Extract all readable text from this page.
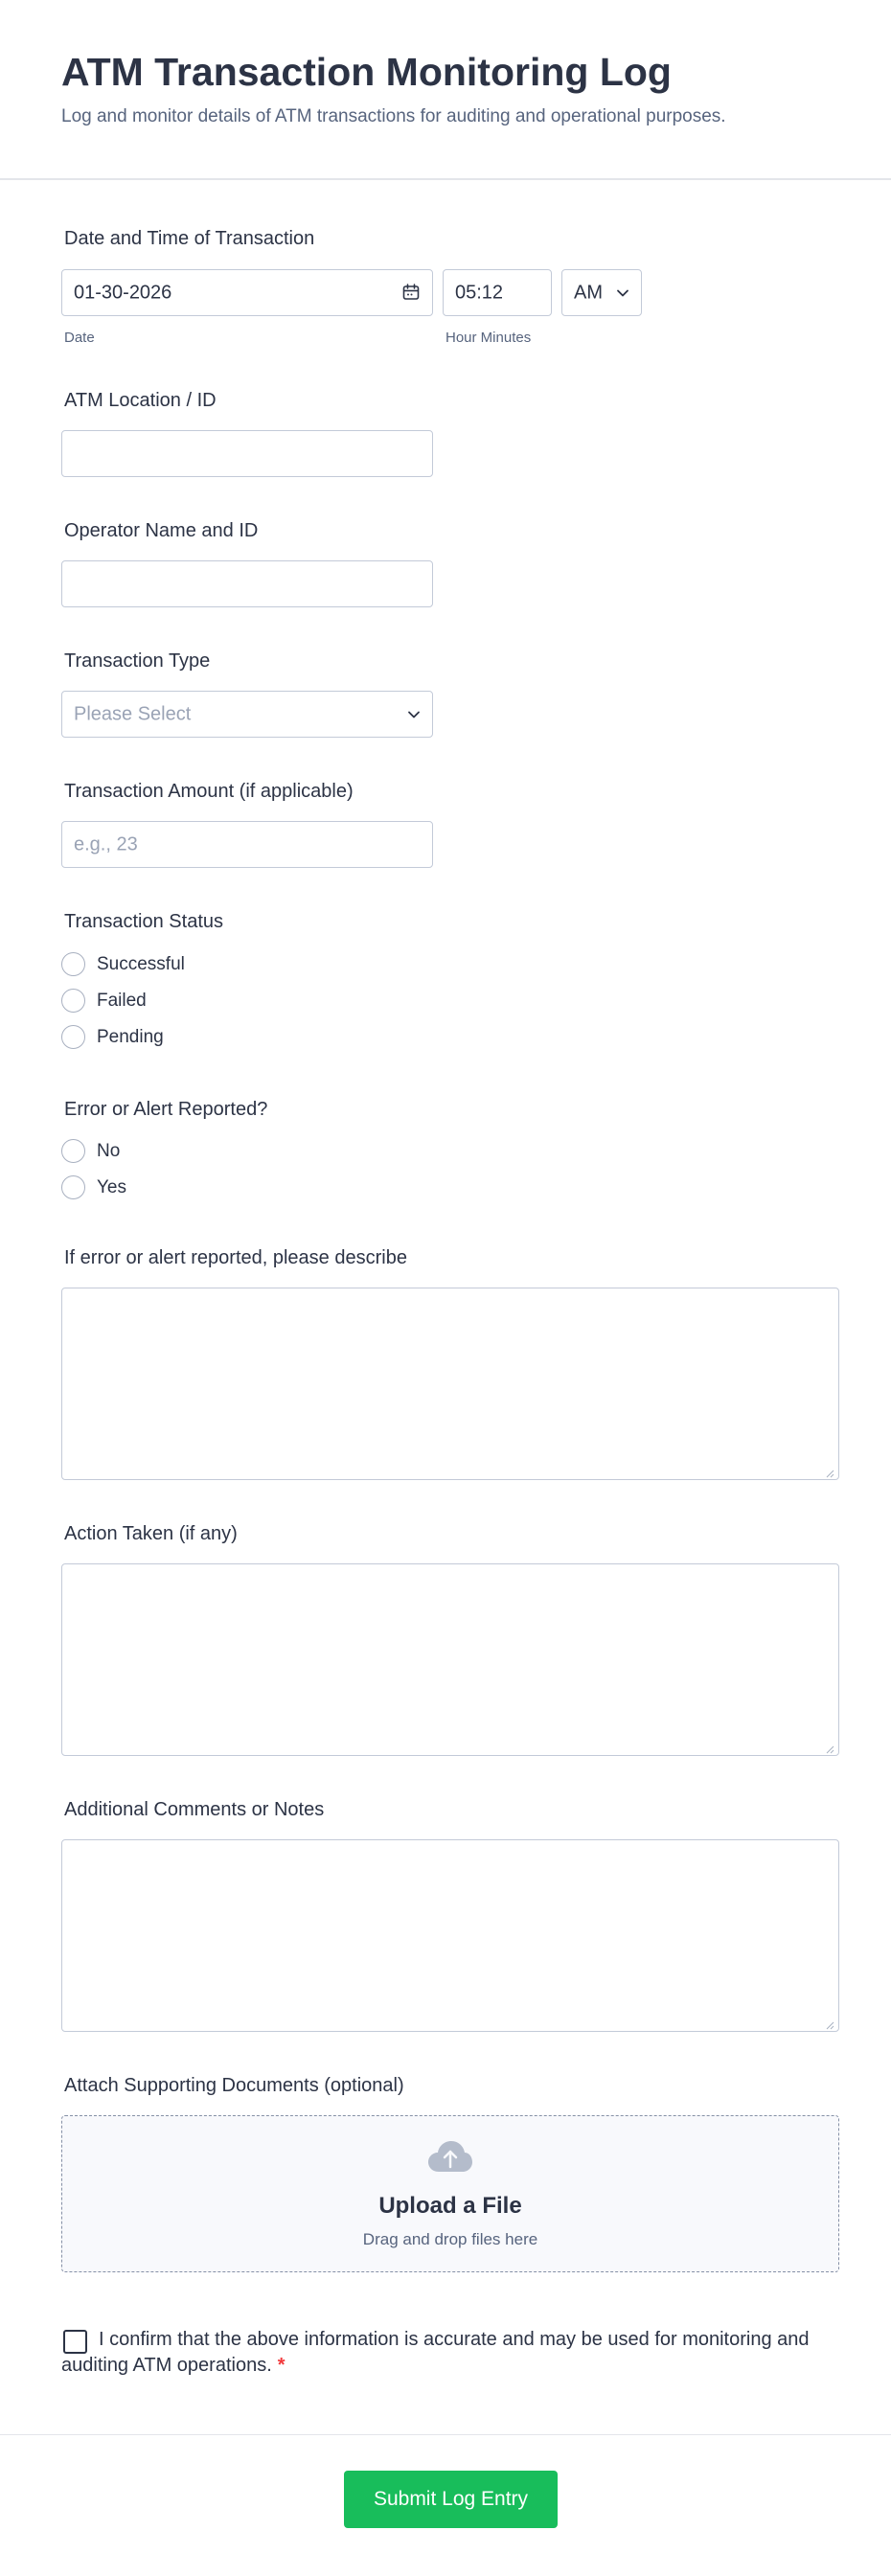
ATM Transaction Monitoring Log
Log and monitor details of ATM transactions for auditing and operational purposes.
Date and Time of Transaction
01-30-2026	05:12	AM
Date	Hour Minutes
ATM Location / ID
Operator Name and ID
Transaction Type
Please Select
Transaction Amount (if applicable)
e.g., 23
Transaction Status
Successful
Failed
Pending
Error or Alert Reported?
No
Yes
If error or alert reported, please describe
Action Taken (if any)
Additional Comments or Notes
Attach Supporting Documents (optional)
Upload a File
Drag and drop files here
I confirm that the above information is accurate and may be used for monitoring and auditing ATM operations. *
Submit Log Entry
